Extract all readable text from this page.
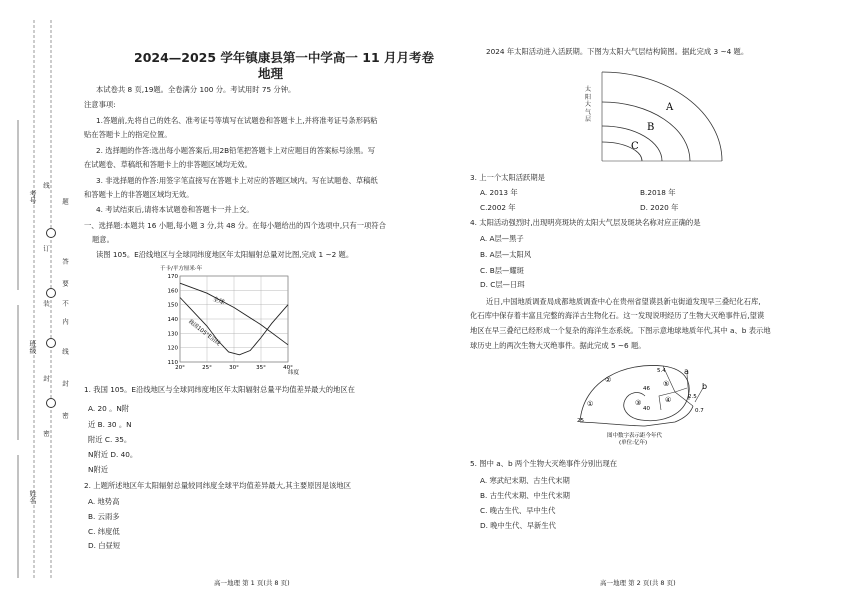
考号
班级
姓名
题
答
要
不
内
线
封
密
线
订
装
封
密
2024—2025 学年镇康县第一中学高一 11 月月考卷
地理
本试卷共 8 页,19题。全卷满分 100 分。考试用时 75 分钟。
注意事项:
1.答题前,先将自己的姓名、准考证号等填写在试题卷和答题卡上,并将准考证号条形码粘
贴在答题卡上的指定位置。
2. 选择题的作答:选出每小题答案后,用2B铅笔把答题卡上对应题目的答案标号涂黑。写
在试题卷、草稿纸和答题卡上的非答题区域均无效。
3. 非选择题的作答:用签字笔直接写在答题卡上对应的答题区域内。写在试题卷、草稿纸
和答题卡上的非答题区域均无效。
4. 考试结束后,请将本试题卷和答题卡一并上交。
一、选择题:本题共 16 小题,每小题 3 分,共 48 分。在每小题给出的四个选项中,只有一项符合
题意。
读图 105。E沿线地区与全球同纬度地区年太阳辐射总量对比图,完成 1 ~2 题。
千卡/平方厘米·年
纬度
110
120
130
140
150
160
170
20°	25°	30°	35°	40°
全球
我国105°E沿线
1. 我国 105。E沿线地区与全球同纬度地区年太阳辐射总量平均值差异最大的地区在
A. 20 。N附
近 B. 30 。N
附近 C. 35。
N附近 D. 40。
N附近
2. 上题所述地区年太阳辐射总量较同纬度全球平均值差异最大,其主要原因是该地区
A. 地势高
B. 云雨多
C. 纬度低
D. 白昼短
高一地理 第 1 页(共 8 页)
2024 年太阳活动进入活跃期。下图为太阳大气层结构简图。据此完成 3 ~4 题。
A
B
C
太阳大气层
3. 上一个太阳活跃期是
A. 2013 年	B.2018 年
C.2002 年	D. 2020 年
4. 太阳活动强烈时,出现明亮斑块的太阳大气层及斑块名称对应正确的是
A. A层—黑子
B. A层—太阳风
C. B层—耀斑
D. C层—日珥
近日,中国地质调查局成都地质调查中心在贵州省望谟县新屯街道发现早三叠纪化石库,
化石库中保存着丰富且完整的海洋古生物化石。这一发现说明经历了生物大灭绝事件后,望谟
地区在早三叠纪已经形成一个复杂的海洋生态系统。下图示意地球地质年代,其中 a、b 表示地
球历史上的两次生物大灭绝事件。据此完成 5 ~6 题。
②
①	③	④
⑤
5.4
46
40
25
2.5
0.7
a
b
图中数字表示距今年代
(单位:亿年)
5. 图中 a、b 两个生物大灭绝事件分别出现在
A. 寒武纪末期、古生代末期
B. 古生代末期、中生代末期
C. 晚古生代、早中生代
D. 晚中生代、早新生代
高一地理 第 2 页(共 8 页)
